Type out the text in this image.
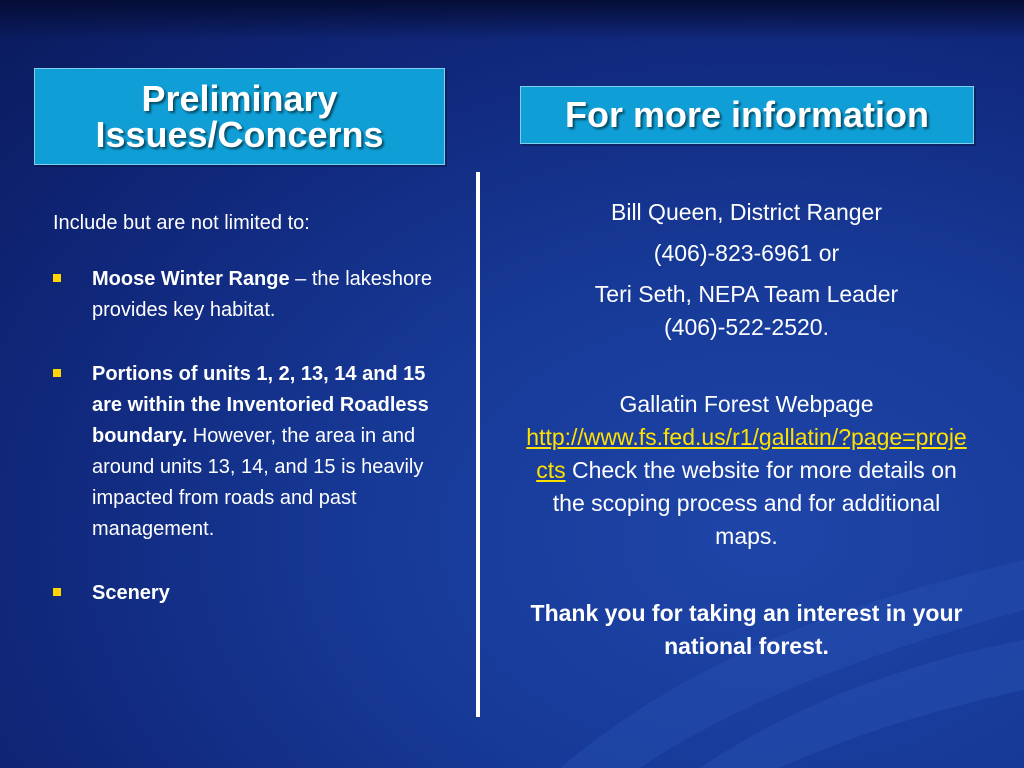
Preliminary Issues/Concerns	For more information

Include but are not limited to:

Moose Winter Range – the lakeshore provides key habitat.
Portions of units 1, 2, 13, 14 and 15 are within the Inventoried Roadless boundary. However, the area in and around units 13, 14, and 15 is heavily impacted from roads and past management.
Scenery

Bill Queen, District Ranger

(406)-823-6961 or

Teri Seth, NEPA Team Leader

(406)-522-2520.

Gallatin Forest Webpage

http://www.fs.fed.us/r1/gallatin/?page=projects Check the website for more details on the scoping process and for additional maps.

Thank you for taking an interest in your national forest.
